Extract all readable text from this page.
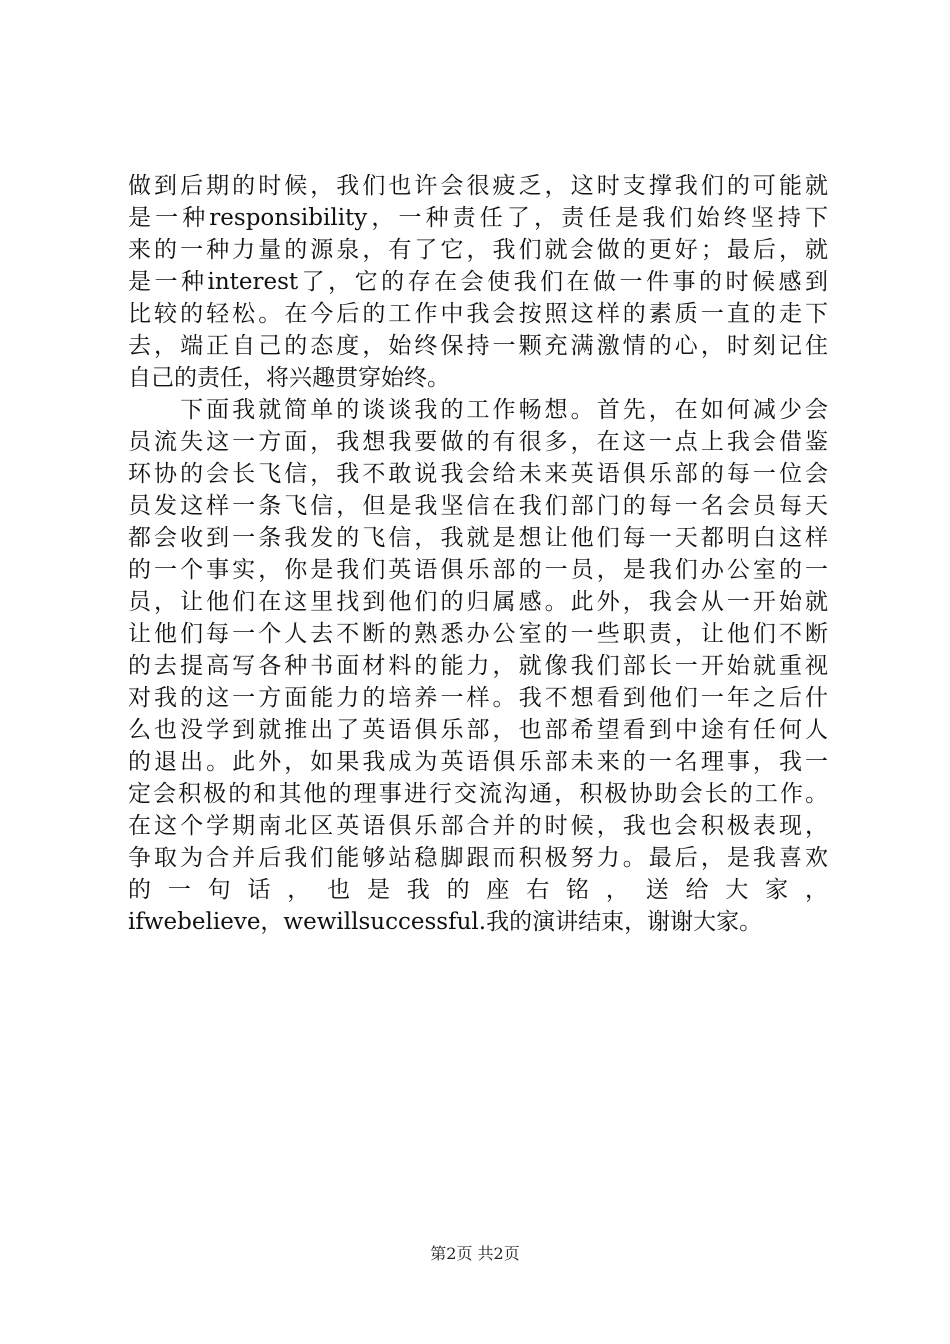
做到后期的时候，我们也许会很疲乏，这时支撑我们的可能就
是一种responsibility，一种责任了，责任是我们始终坚持下
来的一种力量的源泉，有了它，我们就会做的更好；最后，就
是一种interest了，它的存在会使我们在做一件事的时候感到
比较的轻松。在今后的工作中我会按照这样的素质一直的走下
去，端正自己的态度，始终保持一颗充满激情的心，时刻记住
自己的责任，将兴趣贯穿始终。
　　下面我就简单的谈谈我的工作畅想。首先，在如何减少会
员流失这一方面，我想我要做的有很多，在这一点上我会借鉴
环协的会长飞信，我不敢说我会给未来英语俱乐部的每一位会
员发这样一条飞信，但是我坚信在我们部门的每一名会员每天
都会收到一条我发的飞信，我就是想让他们每一天都明白这样
的一个事实，你是我们英语俱乐部的一员，是我们办公室的一
员，让他们在这里找到他们的归属感。此外，我会从一开始就
让他们每一个人去不断的熟悉办公室的一些职责，让他们不断
的去提高写各种书面材料的能力，就像我们部长一开始就重视
对我的这一方面能力的培养一样。我不想看到他们一年之后什
么也没学到就推出了英语俱乐部，也部希望看到中途有任何人
的退出。此外，如果我成为英语俱乐部未来的一名理事，我一
定会积极的和其他的理事进行交流沟通，积极协助会长的工作。
在这个学期南北区英语俱乐部合并的时候，我也会积极表现，
争取为合并后我们能够站稳脚跟而积极努力。最后，是我喜欢
的 一 句 话 ， 也 是 我 的 座 右 铭 ， 送 给 大 家 ，
ifwebelieve，wewillsuccessful.我的演讲结束，谢谢大家。
第2页 共2页
